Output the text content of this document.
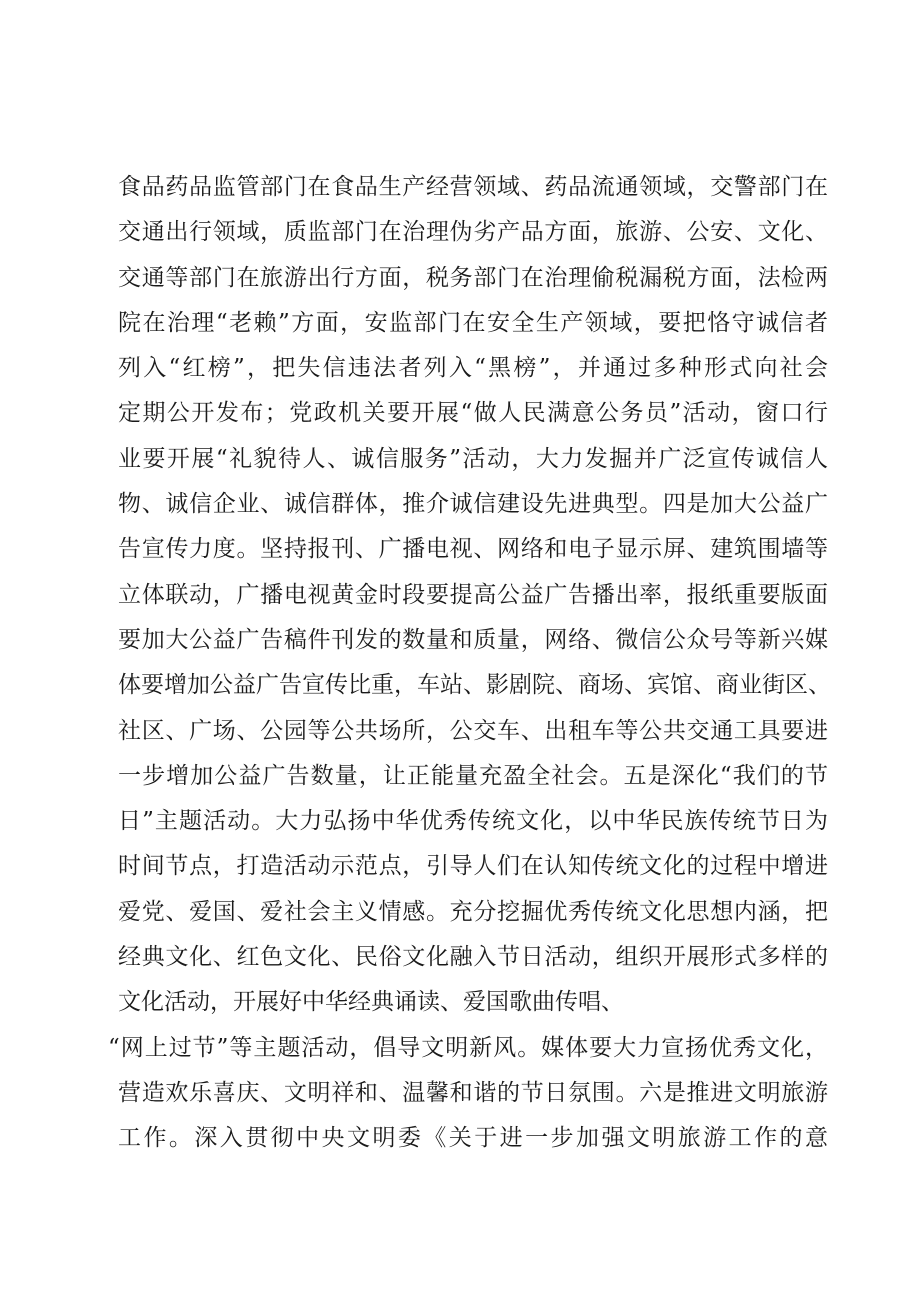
食品药品监管部门在食品生产经营领域、药品流通领域，交警部门在
交通出行领域，质监部门在治理伪劣产品方面，旅游、公安、文化、
交通等部门在旅游出行方面，税务部门在治理偷税漏税方面，法检两
院在治理“老赖”方面，安监部门在安全生产领域，要把恪守诚信者
列入“红榜”，把失信违法者列入“黑榜”，并通过多种形式向社会
定期公开发布；党政机关要开展“做人民满意公务员”活动，窗口行
业要开展“礼貌待人、诚信服务”活动，大力发掘并广泛宣传诚信人
物、诚信企业、诚信群体，推介诚信建设先进典型。四是加大公益广
告宣传力度。坚持报刊、广播电视、网络和电子显示屏、建筑围墙等
立体联动，广播电视黄金时段要提高公益广告播出率，报纸重要版面
要加大公益广告稿件刊发的数量和质量，网络、微信公众号等新兴媒
体要增加公益广告宣传比重，车站、影剧院、商场、宾馆、商业街区、
社区、广场、公园等公共场所，公交车、出租车等公共交通工具要进
一步增加公益广告数量，让正能量充盈全社会。五是深化“我们的节
日”主题活动。大力弘扬中华优秀传统文化，以中华民族传统节日为
时间节点，打造活动示范点，引导人们在认知传统文化的过程中增进
爱党、爱国、爱社会主义情感。充分挖掘优秀传统文化思想内涵，把
经典文化、红色文化、民俗文化融入节日活动，组织开展形式多样的
文化活动，开展好中华经典诵读、爱国歌曲传唱、
“网上过节”等主题活动，倡导文明新风。媒体要大力宣扬优秀文化，
营造欢乐喜庆、文明祥和、温馨和谐的节日氛围。六是推进文明旅游
工作。深入贯彻中央文明委《关于进一步加强文明旅游工作的意
